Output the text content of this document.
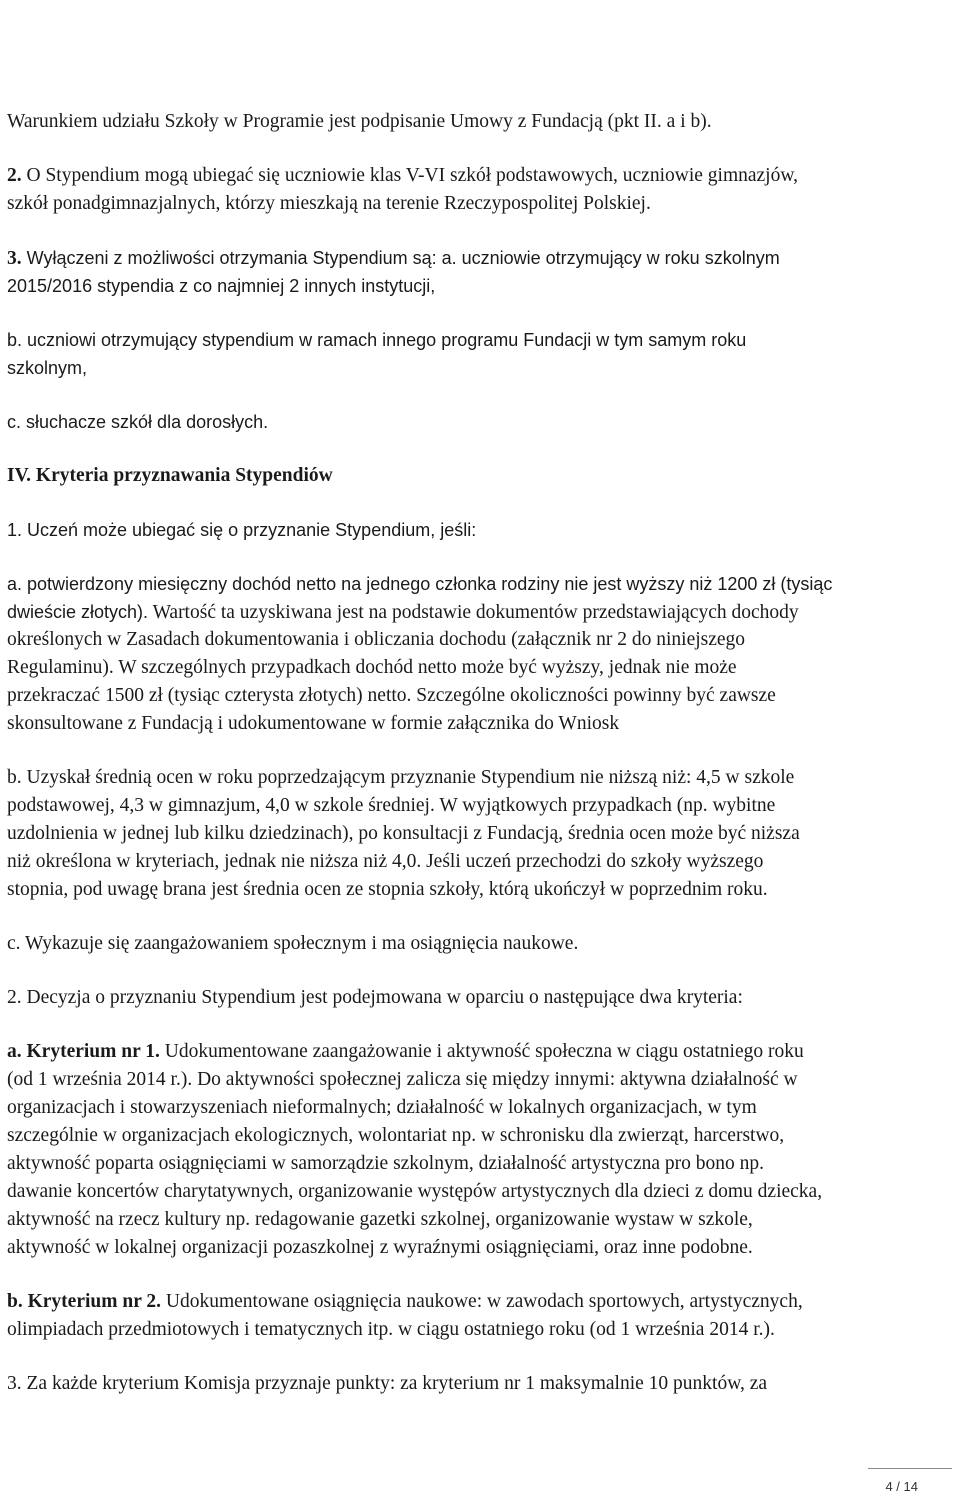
Warunkiem udziału Szkoły w Programie jest podpisanie Umowy z Fundacją (pkt II. a i b).

2. O Stypendium mogą ubiegać się uczniowie klas V-VI szkół podstawowych, uczniowie gimnazjów,

szkół ponadgimnazjalnych, którzy mieszkają na terenie Rzeczypospolitej Polskiej.

3. Wyłączeni z możliwości otrzymania Stypendium są: a. uczniowie otrzymujący w roku szkolnym

2015/2016 stypendia z co najmniej 2 innych instytucji,

b. uczniowi otrzymujący stypendium w ramach innego programu Fundacji w tym samym roku

szkolnym,

c. słuchacze szkół dla dorosłych.

IV. Kryteria przyznawania Stypendiów

1. Uczeń może ubiegać się o przyznanie Stypendium, jeśli:

a. potwierdzony miesięczny dochód netto na jednego członka rodziny nie jest wyższy niż 1200 zł (tysiąc

dwieście złotych). Wartość ta uzyskiwana jest na podstawie dokumentów przedstawiających dochody

określonych w Zasadach dokumentowania i obliczania dochodu (załącznik nr 2 do niniejszego

Regulaminu). W szczególnych przypadkach dochód netto może być wyższy, jednak nie może

przekraczać 1500 zł (tysiąc czterysta złotych) netto. Szczególne okoliczności powinny być zawsze

skonsultowane z Fundacją i udokumentowane w formie załącznika do Wniosk

b. Uzyskał średnią ocen w roku poprzedzającym przyznanie Stypendium nie niższą niż: 4,5 w szkole

podstawowej, 4,3 w gimnazjum, 4,0 w szkole średniej. W wyjątkowych przypadkach (np. wybitne

uzdolnienia w jednej lub kilku dziedzinach), po konsultacji z Fundacją, średnia ocen może być niższa

niż określona w kryteriach, jednak nie niższa niż 4,0. Jeśli uczeń przechodzi do szkoły wyższego

stopnia, pod uwagę brana jest średnia ocen ze stopnia szkoły, którą ukończył w poprzednim roku.

c. Wykazuje się zaangażowaniem społecznym i ma osiągnięcia naukowe.

2. Decyzja o przyznaniu Stypendium jest podejmowana w oparciu o następujące dwa kryteria:

a. Kryterium nr 1. Udokumentowane zaangażowanie i aktywność społeczna w ciągu ostatniego roku

(od 1 września 2014 r.). Do aktywności społecznej zalicza się między innymi: aktywna działalność w

organizacjach i stowarzyszeniach nieformalnych; działalność w lokalnych organizacjach, w tym

szczególnie w organizacjach ekologicznych, wolontariat np. w schronisku dla zwierząt, harcerstwo,

aktywność poparta osiągnięciami w samorządzie szkolnym, działalność artystyczna pro bono np.

dawanie koncertów charytatywnych, organizowanie występów artystycznych dla dzieci z domu dziecka,

aktywność na rzecz kultury np. redagowanie gazetki szkolnej, organizowanie wystaw w szkole,

aktywność w lokalnej organizacji pozaszkolnej z wyraźnymi osiągnięciami, oraz inne podobne.

b. Kryterium nr 2. Udokumentowane osiągnięcia naukowe: w zawodach sportowych, artystycznych,

olimpiadach przedmiotowych i tematycznych itp. w ciągu ostatniego roku (od 1 września 2014 r.).

3. Za każde kryterium Komisja przyznaje punkty: za kryterium nr 1 maksymalnie 10 punktów, za

4 / 14
